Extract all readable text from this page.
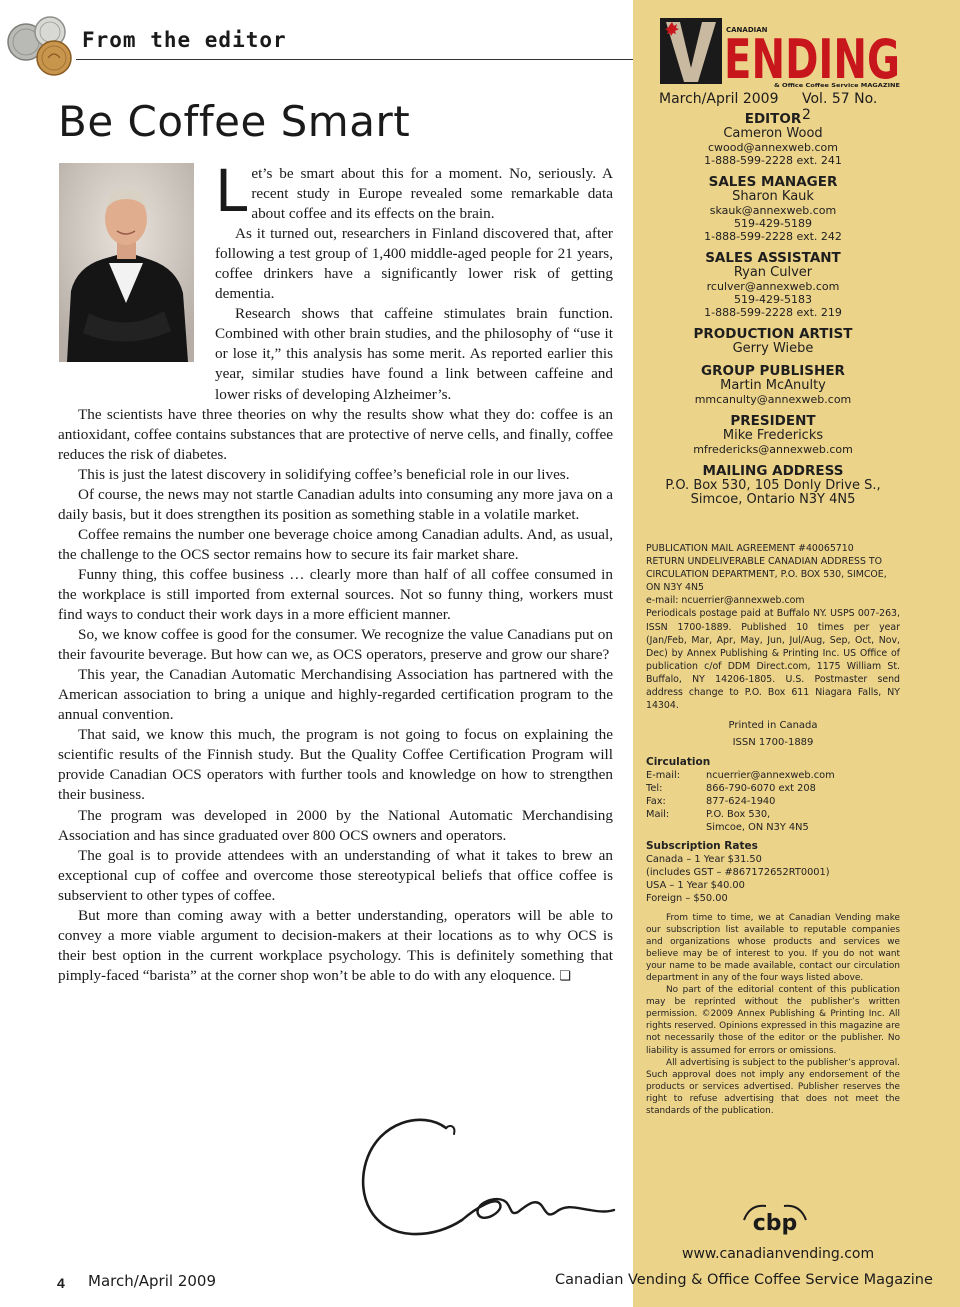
From the editor
Be Coffee Smart

Let’s be smart about this for a moment. No, seriously. A recent study in Europe revealed some remarkable data about coffee and its effects on the brain.

As it turned out, researchers in Finland discovered that, after following a test group of 1,400 middle-aged people for 21 years, coffee drinkers have a significantly lower risk of getting dementia.

Research shows that caffeine stimulates brain function. Combined with other brain studies, and the philosophy of “use it or lose it,” this analysis has some merit. As reported earlier this year, similar studies have found a link between caffeine and lower risks of developing Alzheimer’s.

The scientists have three theories on why the results show what they do: coffee is an antioxidant, coffee contains substances that are protective of nerve cells, and finally, coffee reduces the risk of diabetes.

This is just the latest discovery in solidifying coffee’s beneficial role in our lives.

Of course, the news may not startle Canadian adults into consuming any more java on a daily basis, but it does strengthen its position as something stable in a volatile market.

Coffee remains the number one beverage choice among Canadian adults. And, as usual, the challenge to the OCS sector remains how to secure its fair market share.

Funny thing, this coffee business … clearly more than half of all coffee consumed in the workplace is still imported from external sources. Not so funny thing, workers must find ways to conduct their work days in a more efficient manner.

So, we know coffee is good for the consumer. We recognize the value Canadians put on their favourite beverage. But how can we, as OCS operators, preserve and grow our share?

This year, the Canadian Automatic Merchandising Association has partnered with the American association to bring a unique and highly-regarded certification program to the annual convention.

That said, we know this much, the program is not going to focus on explaining the scientific results of the Finnish study. But the Quality Coffee Certification Program will provide Canadian OCS operators with further tools and knowledge on how to strengthen their business.

The program was developed in 2000 by the National Automatic Merchandising Association and has since graduated over 800 OCS owners and operators.

The goal is to provide attendees with an understanding of what it takes to brew an exceptional cup of coffee and overcome those stereotypical beliefs that office coffee is subservient to other types of coffee.

But more than coming away with a better understanding, operators will be able to convey a more viable argument to decision-makers at their locations as to why OCS is their best option in the current workplace psychology. This is definitely something that pimply-faced “barista” at the corner shop won’t be able to do with any eloquence. ❏

4 March/April 2009	Canadian Vending & Office Coffee Service Magazine
CANADIAN
ENDING
& Office Coffee Service MAGAZINE
March/April 2009 Vol. 57 No. 2
EDITOR
Cameron Wood
cwood@annexweb.com
1-888-599-2228 ext. 241
SALES MANAGER
Sharon Kauk
skauk@annexweb.com
519-429-5189
1-888-599-2228 ext. 242
SALES ASSISTANT
Ryan Culver
rculver@annexweb.com
519-429-5183
1-888-599-2228 ext. 219
PRODUCTION ARTIST
Gerry Wiebe
GROUP PUBLISHER
Martin McAnulty
mmcanulty@annexweb.com
PRESIDENT
Mike Fredericks
mfredericks@annexweb.com
MAILING ADDRESS
P.O. Box 530, 105 Donly Drive S.,
Simcoe, Ontario N3Y 4N5
PUBLICATION MAIL AGREEMENT #40065710
RETURN UNDELIVERABLE CANADIAN ADDRESS TO CIRCULATION DEPARTMENT, P.O. BOX 530, SIMCOE, ON N3Y 4N5
e-mail: ncuerrier@annexweb.com
Periodicals postage paid at Buffalo NY. USPS 007-263, ISSN 1700-1889. Published 10 times per year (Jan/Feb, Mar, Apr, May, Jun, Jul/Aug, Sep, Oct, Nov, Dec) by Annex Publishing & Printing Inc. US Office of publication c/of DDM Direct.com, 1175 William St. Buffalo, NY 14206-1805. U.S. Postmaster send address change to P.O. Box 611 Niagara Falls, NY 14304.
Printed in Canada
ISSN 1700-1889
Circulation
E-mail:	ncuerrier@annexweb.com
Tel:	866-790-6070 ext 208
Fax:	877-624-1940
Mail:	P.O. Box 530,
Simcoe, ON N3Y 4N5
Subscription Rates
Canada – 1 Year $31.50
(includes GST – #867172652RT0001)
USA – 1 Year $40.00
Foreign – $50.00

From time to time, we at Canadian Vending make our subscription list available to reputable companies and organizations whose products and services we believe may be of interest to you. If you do not want your name to be made available, contact our circulation department in any of the four ways listed above.

No part of the editorial content of this publication may be reprinted without the publisher’s written permission. ©2009 Annex Publishing & Printing Inc. All rights reserved. Opinions expressed in this magazine are not necessarily those of the editor or the publisher. No liability is assumed for errors or omissions.

All advertising is subject to the publisher’s approval. Such approval does not imply any endorsement of the products or services advertised. Publisher reserves the right to refuse advertising that does not meet the standards of the publication.

cbp
www.canadianvending.com
